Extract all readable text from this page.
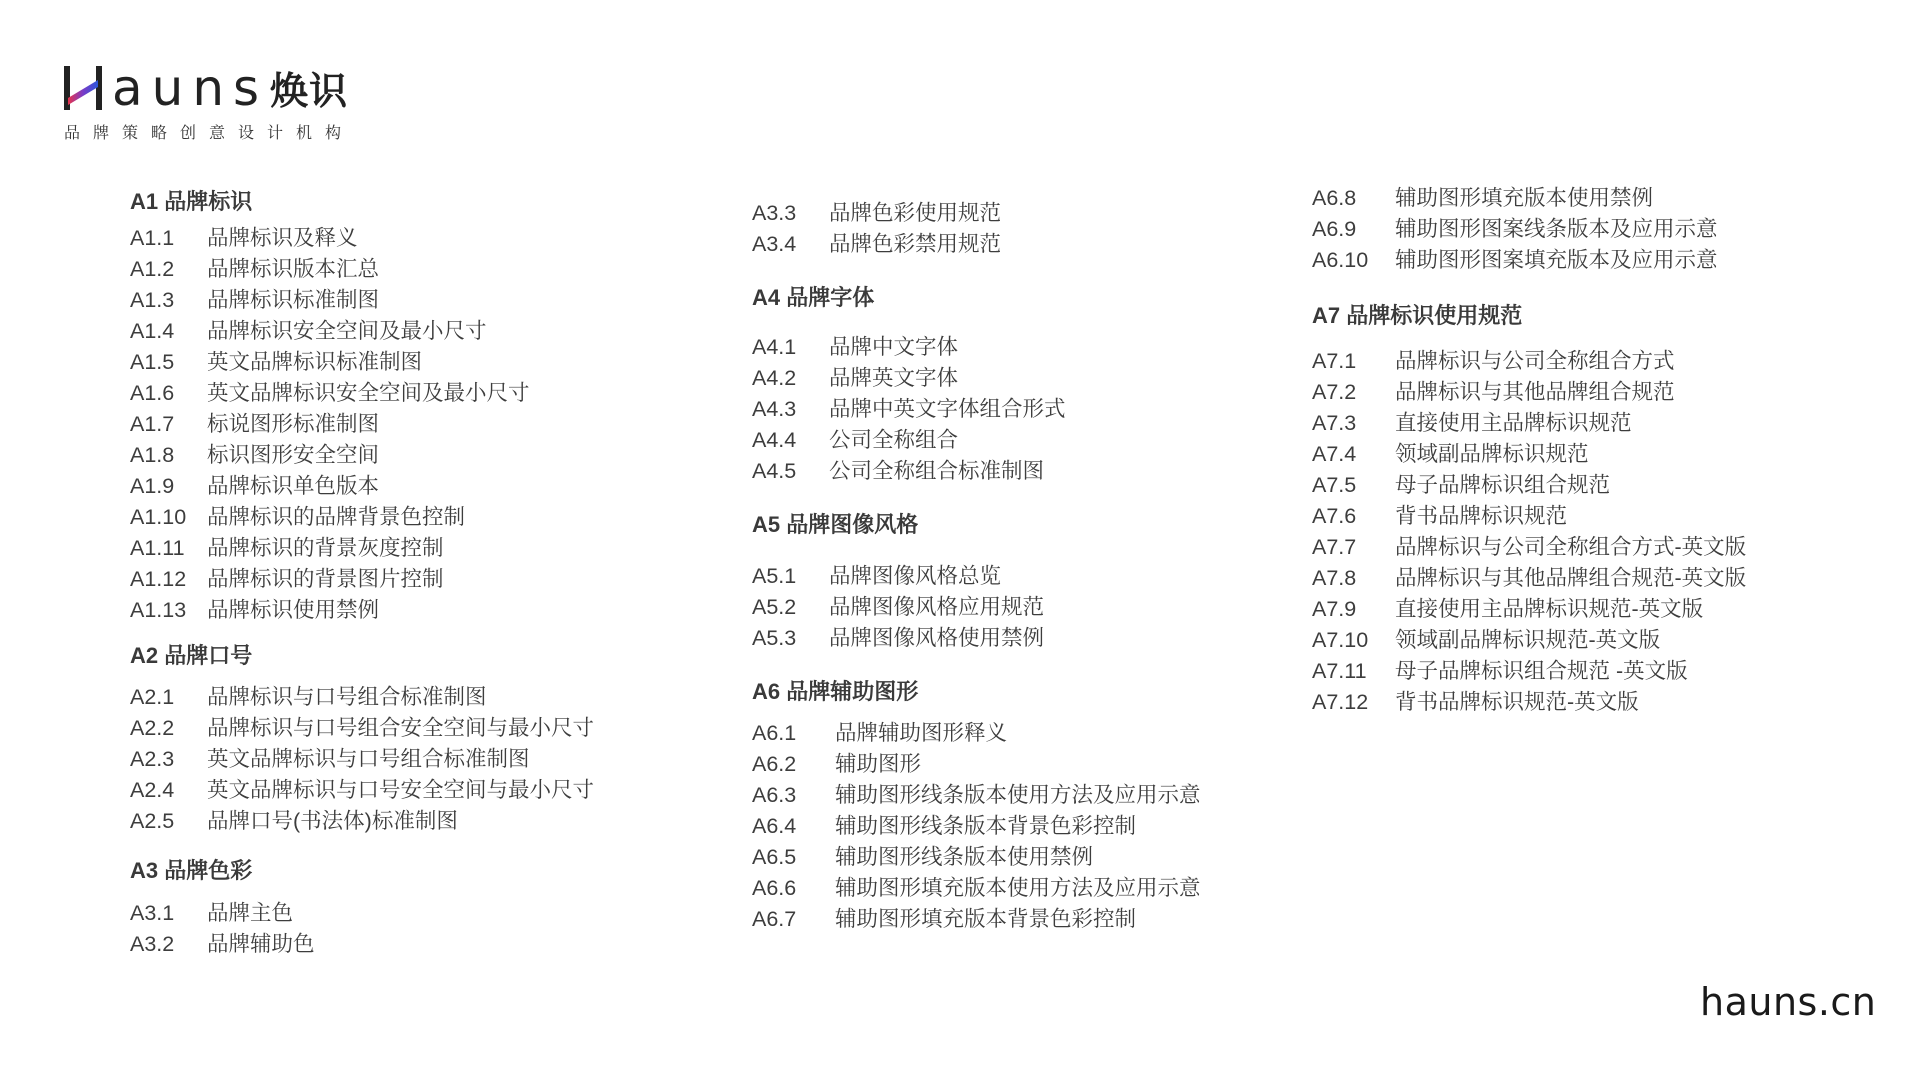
auns 焕识
品牌策略创意设计机构
A1 品牌标识
A1.1 品牌标识及释义
A1.2 品牌标识版本汇总
A1.3 品牌标识标准制图
A1.4 品牌标识安全空间及最小尺寸
A1.5 英文品牌标识标准制图
A1.6 英文品牌标识安全空间及最小尺寸
A1.7 标说图形标准制图
A1.8 标识图形安全空间
A1.9 品牌标识单色版本
A1.10 品牌标识的品牌背景色控制
A1.11 品牌标识的背景灰度控制
A1.12 品牌标识的背景图片控制
A1.13 品牌标识使用禁例
A2 品牌口号
A2.1 品牌标识与口号组合标准制图
A2.2 品牌标识与口号组合安全空间与最小尺寸
A2.3 英文品牌标识与口号组合标准制图
A2.4 英文品牌标识与口号安全空间与最小尺寸
A2.5 品牌口号(书法体)标准制图
A3 品牌色彩
A3.1 品牌主色
A3.2 品牌辅助色
A3.3 品牌色彩使用规范
A3.4 品牌色彩禁用规范
A4 品牌字体
A4.1 品牌中文字体
A4.2 品牌英文字体
A4.3 品牌中英文字体组合形式
A4.4 公司全称组合
A4.5 公司全称组合标准制图
A5 品牌图像风格
A5.1 品牌图像风格总览
A5.2 品牌图像风格应用规范
A5.3 品牌图像风格使用禁例
A6 品牌辅助图形
A6.1 品牌辅助图形释义
A6.2 辅助图形
A6.3 辅助图形线条版本使用方法及应用示意
A6.4 辅助图形线条版本背景色彩控制
A6.5 辅助图形线条版本使用禁例
A6.6 辅助图形填充版本使用方法及应用示意
A6.7 辅助图形填充版本背景色彩控制
A6.8 辅助图形填充版本使用禁例
A6.9 辅助图形图案线条版本及应用示意
A6.10 辅助图形图案填充版本及应用示意
A7 品牌标识使用规范
A7.1 品牌标识与公司全称组合方式
A7.2 品牌标识与其他品牌组合规范
A7.3 直接使用主品牌标识规范
A7.4 领域副品牌标识规范
A7.5 母子品牌标识组合规范
A7.6 背书品牌标识规范
A7.7 品牌标识与公司全称组合方式-英文版
A7.8 品牌标识与其他品牌组合规范-英文版
A7.9 直接使用主品牌标识规范-英文版
A7.10 领域副品牌标识规范-英文版
A7.11 母子品牌标识组合规范 -英文版
A7.12 背书品牌标识规范-英文版
hauns.cn
